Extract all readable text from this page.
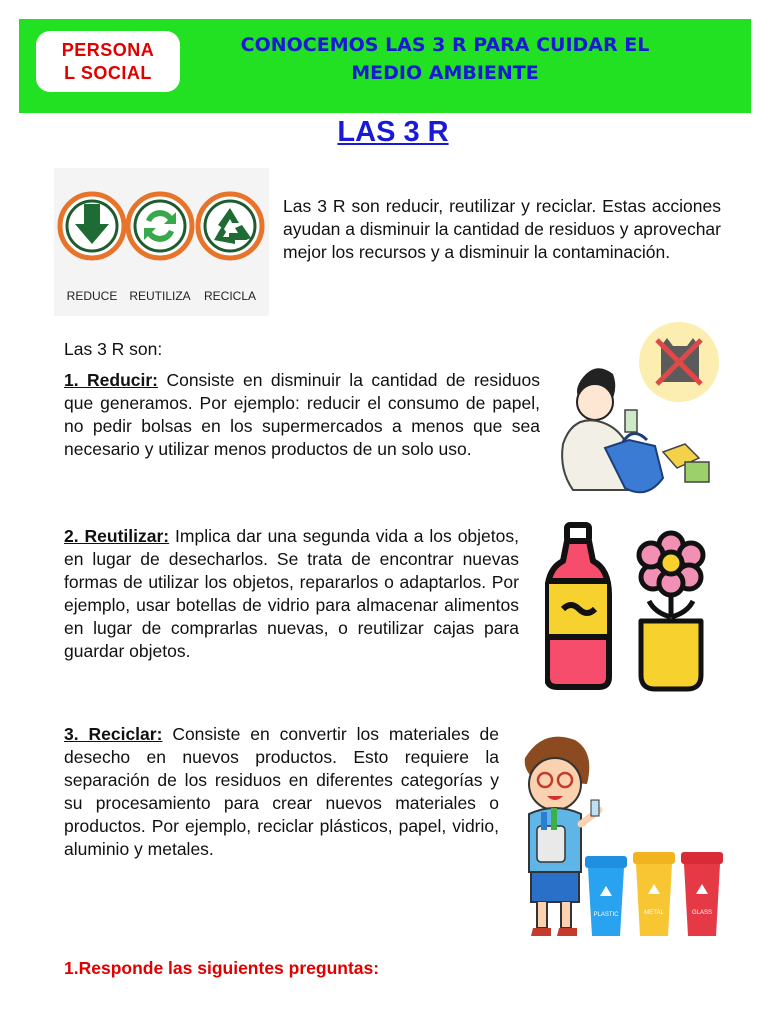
PERSONA
L SOCIAL
CONOCEMOS LAS 3 R PARA CUIDAR EL MEDIO AMBIENTE
LAS 3 R
REDUCE REUTILIZA RECICLA
Las 3 R son reducir, reutilizar y reciclar. Estas acciones ayudan a disminuir la cantidad de residuos y aprovechar mejor los recursos y a disminuir la contaminación.
Las 3 R son:
1. Reducir: Consiste en disminuir la cantidad de residuos que generamos. Por ejemplo: reducir el consumo de papel, no pedir bolsas en los supermercados a menos que sea necesario y utilizar menos productos de un solo uso.
2. Reutilizar: Implica dar una segunda vida a los objetos, en lugar de desecharlos. Se trata de encontrar nuevas formas de utilizar los objetos, repararlos o adaptarlos. Por ejemplo, usar botellas de vidrio para almacenar alimentos en lugar de comprarlas nuevas, o reutilizar cajas para guardar objetos.
3. Reciclar: Consiste en convertir los materiales de desecho en nuevos productos. Esto requiere la separación de los residuos en diferentes categorías y su procesamiento para crear nuevos materiales o productos. Por ejemplo, reciclar plásticos, papel, vidrio, aluminio y metales.
PLASTIC	METAL	GLASS
1.Responde las siguientes preguntas:
